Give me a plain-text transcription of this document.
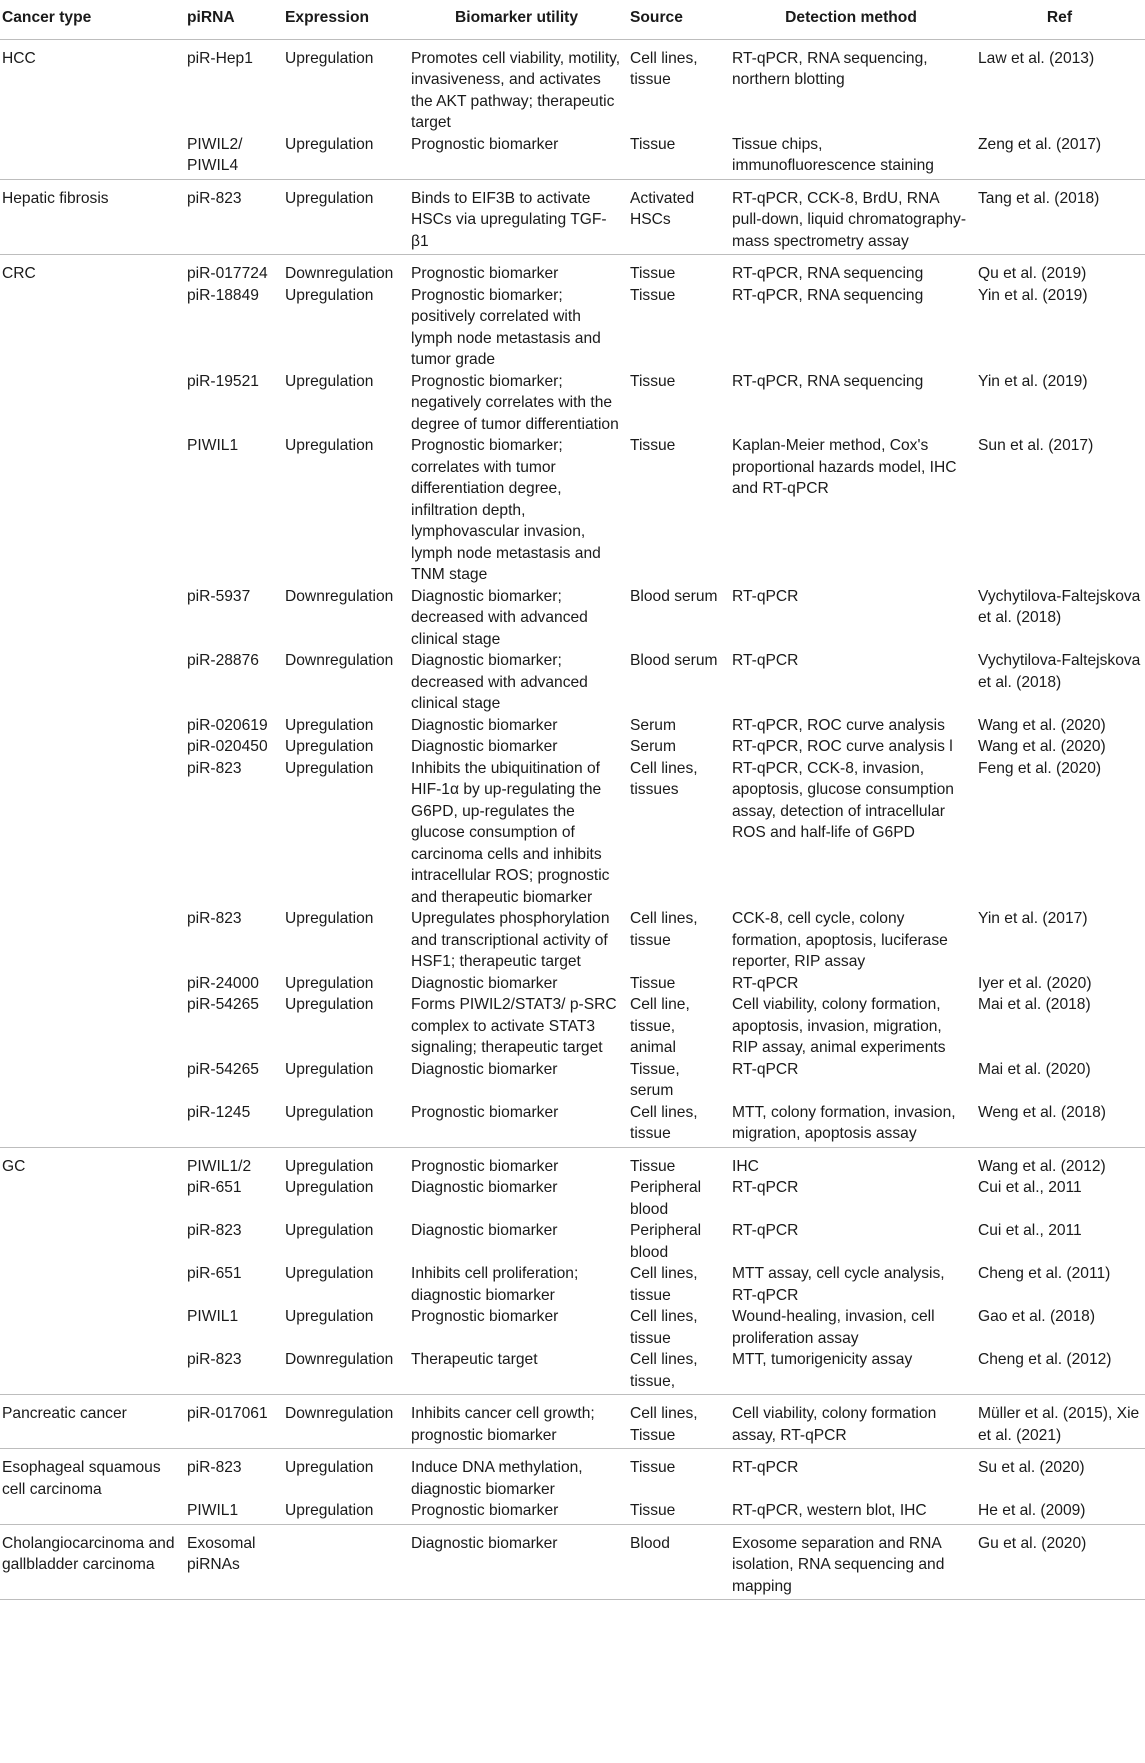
Cancer type	piRNA	Expression	Biomarker utility	Source	Detection method	Ref
HCC	piR-Hep1	Upregulation	Promotes cell viability, motility, invasiveness, and activates the AKT pathway; therapeutic target	Cell lines, tissue	RT-qPCR, RNA sequencing, northern blotting	Law et al. (2013)
	PIWIL2/ PIWIL4	Upregulation	Prognostic biomarker	Tissue	Tissue chips, immunofluorescence staining	Zeng et al. (2017)
Hepatic fibrosis	piR-823	Upregulation	Binds to EIF3B to activate HSCs via upregulating TGF-β1	Activated HSCs	RT-qPCR, CCK-8, BrdU, RNA pull-down, liquid chromatography-mass spectrometry assay	Tang et al. (2018)
CRC	piR-017724	Downregulation	Prognostic biomarker	Tissue	RT-qPCR, RNA sequencing	Qu et al. (2019)
	piR-18849	Upregulation	Prognostic biomarker; positively correlated with lymph node metastasis and tumor grade	Tissue	RT-qPCR, RNA sequencing	Yin et al. (2019)
	piR-19521	Upregulation	Prognostic biomarker; negatively correlates with the degree of tumor differentiation	Tissue	RT-qPCR, RNA sequencing	Yin et al. (2019)
	PIWIL1	Upregulation	Prognostic biomarker; correlates with tumor differentiation degree, infiltration depth, lymphovascular invasion, lymph node metastasis and TNM stage	Tissue	Kaplan-Meier method, Cox's proportional hazards model, IHC and RT-qPCR	Sun et al. (2017)
	piR-5937	Downregulation	Diagnostic biomarker; decreased with advanced clinical stage	Blood serum	RT-qPCR	Vychytilova-Faltejskova et al. (2018)
	piR-28876	Downregulation	Diagnostic biomarker; decreased with advanced clinical stage	Blood serum	RT-qPCR	Vychytilova-Faltejskova et al. (2018)
	piR-020619	Upregulation	Diagnostic biomarker	Serum	RT-qPCR, ROC curve analysis	Wang et al. (2020)
	piR-020450	Upregulation	Diagnostic biomarker	Serum	RT-qPCR, ROC curve analysis l	Wang et al. (2020)
	piR-823	Upregulation	Inhibits the ubiquitination of HIF-1α by up-regulating the G6PD, up-regulates the glucose consumption of carcinoma cells and inhibits intracellular ROS; prognostic and therapeutic biomarker	Cell lines, tissues	RT-qPCR, CCK-8, invasion, apoptosis, glucose consumption assay, detection of intracellular ROS and half-life of G6PD	Feng et al. (2020)
	piR-823	Upregulation	Upregulates phosphorylation and transcriptional activity of HSF1; therapeutic target	Cell lines, tissue	CCK-8, cell cycle, colony formation, apoptosis, luciferase reporter, RIP assay	Yin et al. (2017)
	piR-24000	Upregulation	Diagnostic biomarker	Tissue	RT-qPCR	Iyer et al. (2020)
	piR-54265	Upregulation	Forms PIWIL2/STAT3/ p-SRC complex to activate STAT3 signaling; therapeutic target	Cell line, tissue, animal	Cell viability, colony formation, apoptosis, invasion, migration, RIP assay, animal experiments	Mai et al. (2018)
	piR-54265	Upregulation	Diagnostic biomarker	Tissue, serum	RT-qPCR	Mai et al. (2020)
	piR-1245	Upregulation	Prognostic biomarker	Cell lines, tissue	MTT, colony formation, invasion, migration, apoptosis assay	Weng et al. (2018)
GC	PIWIL1/2	Upregulation	Prognostic biomarker	Tissue	IHC	Wang et al. (2012)
	piR-651	Upregulation	Diagnostic biomarker	Peripheral blood	RT-qPCR	Cui et al., 2011
	piR-823	Upregulation	Diagnostic biomarker	Peripheral blood	RT-qPCR	Cui et al., 2011
	piR-651	Upregulation	Inhibits cell proliferation; diagnostic biomarker	Cell lines, tissue	MTT assay, cell cycle analysis, RT-qPCR	Cheng et al. (2011)
	PIWIL1	Upregulation	Prognostic biomarker	Cell lines, tissue	Wound-healing, invasion, cell proliferation assay	Gao et al. (2018)
	piR-823	Downregulation	Therapeutic target	Cell lines, tissue,	MTT, tumorigenicity assay	Cheng et al. (2012)
Pancreatic cancer	piR-017061	Downregulation	Inhibits cancer cell growth; prognostic biomarker	Cell lines, Tissue	Cell viability, colony formation assay, RT-qPCR	Müller et al. (2015), Xie et al. (2021)
Esophageal squamous cell carcinoma	piR-823	Upregulation	Induce DNA methylation, diagnostic biomarker	Tissue	RT-qPCR	Su et al. (2020)
	PIWIL1	Upregulation	Prognostic biomarker	Tissue	RT-qPCR, western blot, IHC	He et al. (2009)
Cholangiocarcinoma and gallbladder carcinoma	Exosomal piRNAs		Diagnostic biomarker	Blood	Exosome separation and RNA isolation, RNA sequencing and mapping	Gu et al. (2020)
